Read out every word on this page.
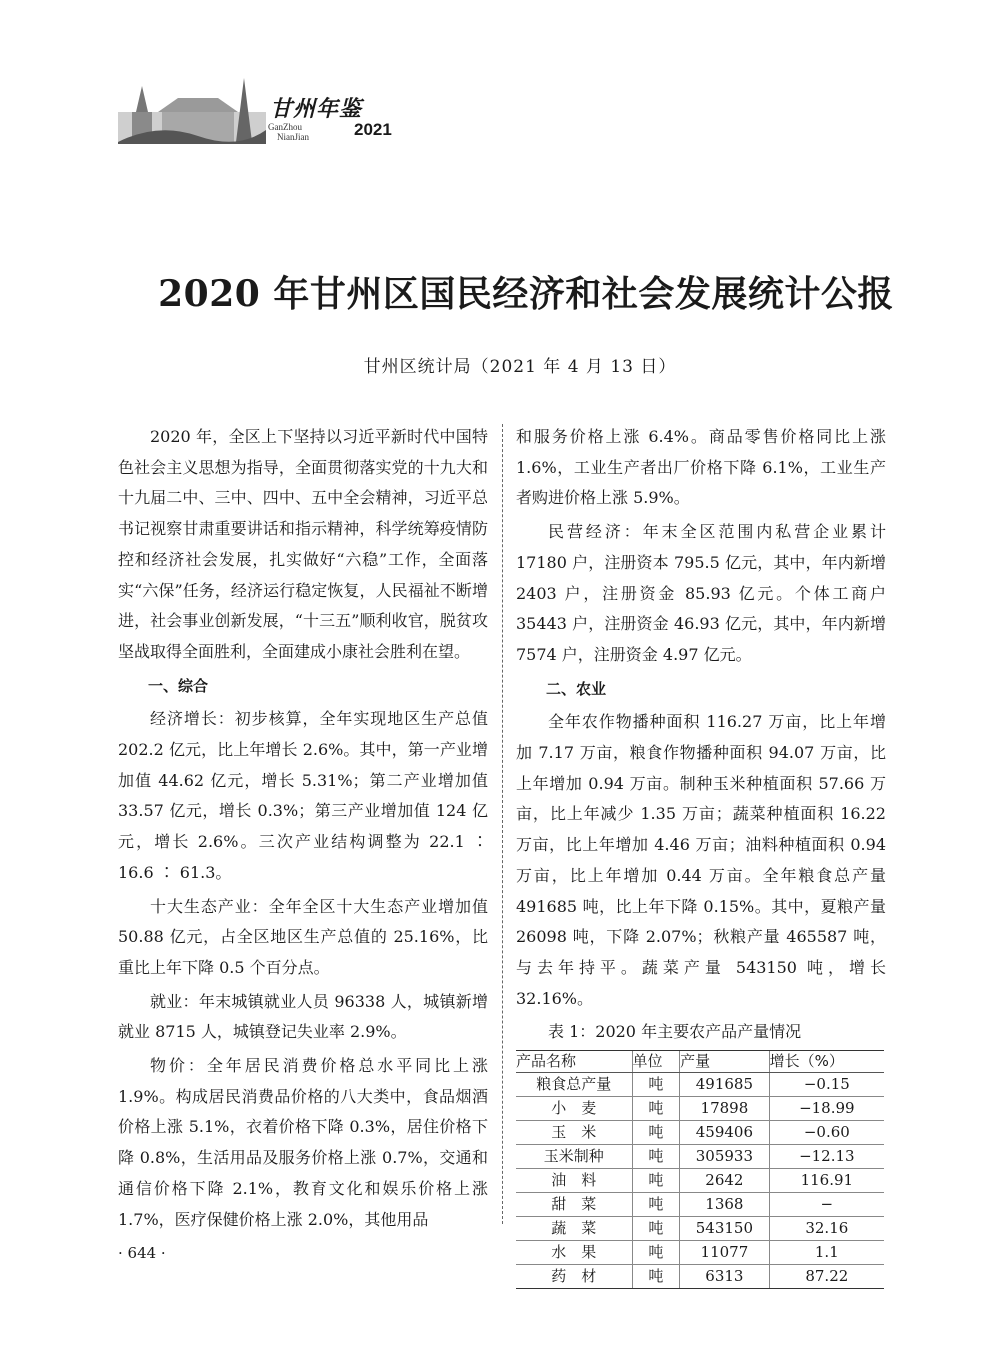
甘州年鉴
GanZhou
NianJian	2021
2020 年甘州区国民经济和社会发展统计公报
甘州区统计局（2021 年 4 月 13 日）

2020 年，全区上下坚持以习近平新时代中国特色社会主义思想为指导，全面贯彻落实党的十九大和十九届二中、三中、四中、五中全会精神，习近平总书记视察甘肃重要讲话和指示精神，科学统筹疫情防控和经济社会发展，扎实做好“六稳”工作，全面落实“六保”任务，经济运行稳定恢复，人民福祉不断增进，社会事业创新发展，“十三五”顺利收官，脱贫攻坚战取得全面胜利，全面建成小康社会胜利在望。

一、综合

经济增长：初步核算，全年实现地区生产总值 202.2 亿元，比上年增长 2.6%。其中，第一产业增加值 44.62 亿元，增长 5.31%；第二产业增加值 33.57 亿元，增长 0.3%；第三产业增加值 124 亿元，增长 2.6%。三次产业结构调整为 22.1 ∶ 16.6 ∶ 61.3。

十大生态产业：全年全区十大生态产业增加值 50.88 亿元，占全区地区生产总值的 25.16%，比重比上年下降 0.5 个百分点。

就业：年末城镇就业人员 96338 人，城镇新增就业 8715 人，城镇登记失业率 2.9%。

物价：全年居民消费价格总水平同比上涨 1.9%。构成居民消费品价格的八大类中，食品烟酒价格上涨 5.1%，衣着价格下降 0.3%，居住价格下降 0.8%，生活用品及服务价格上涨 0.7%，交通和通信价格下降 2.1%，教育文化和娱乐价格上涨 1.7%，医疗保健价格上涨 2.0%，其他用品

和服务价格上涨 6.4%。商品零售价格同比上涨 1.6%，工业生产者出厂价格下降 6.1%，工业生产者购进价格上涨 5.9%。

民营经济：年末全区范围内私营企业累计 17180 户，注册资本 795.5 亿元，其中，年内新增 2403 户，注册资金 85.93 亿元。个体工商户 35443 户，注册资金 46.93 亿元，其中，年内新增 7574 户，注册资金 4.97 亿元。

二、农业

全年农作物播种面积 116.27 万亩，比上年增加 7.17 万亩，粮食作物播种面积 94.07 万亩，比上年增加 0.94 万亩。制种玉米种植面积 57.66 万亩，比上年减少 1.35 万亩；蔬菜种植面积 16.22 万亩，比上年增加 4.46 万亩；油料种植面积 0.94 万亩，比上年增加 0.44 万亩。全年粮食总产量 491685 吨，比上年下降 0.15%。其中，夏粮产量 26098 吨，下降 2.07%；秋粮产量 465587 吨，与去年持平。蔬菜产量 543150 吨，增长 32.16%。

表 1：2020 年主要农产品产量情况
产品名称	单位	产量	增长（%）
粮食总产量	吨	491685	−0.15
小　麦	吨	17898	−18.99
玉　米	吨	459406	−0.60
玉米制种	吨	305933	−12.13
油　料	吨	2642	116.91
甜　菜	吨	1368	−
蔬　菜	吨	543150	32.16
水　果	吨	11077	1.1
药　材	吨	6313	87.22
· 644 ·
